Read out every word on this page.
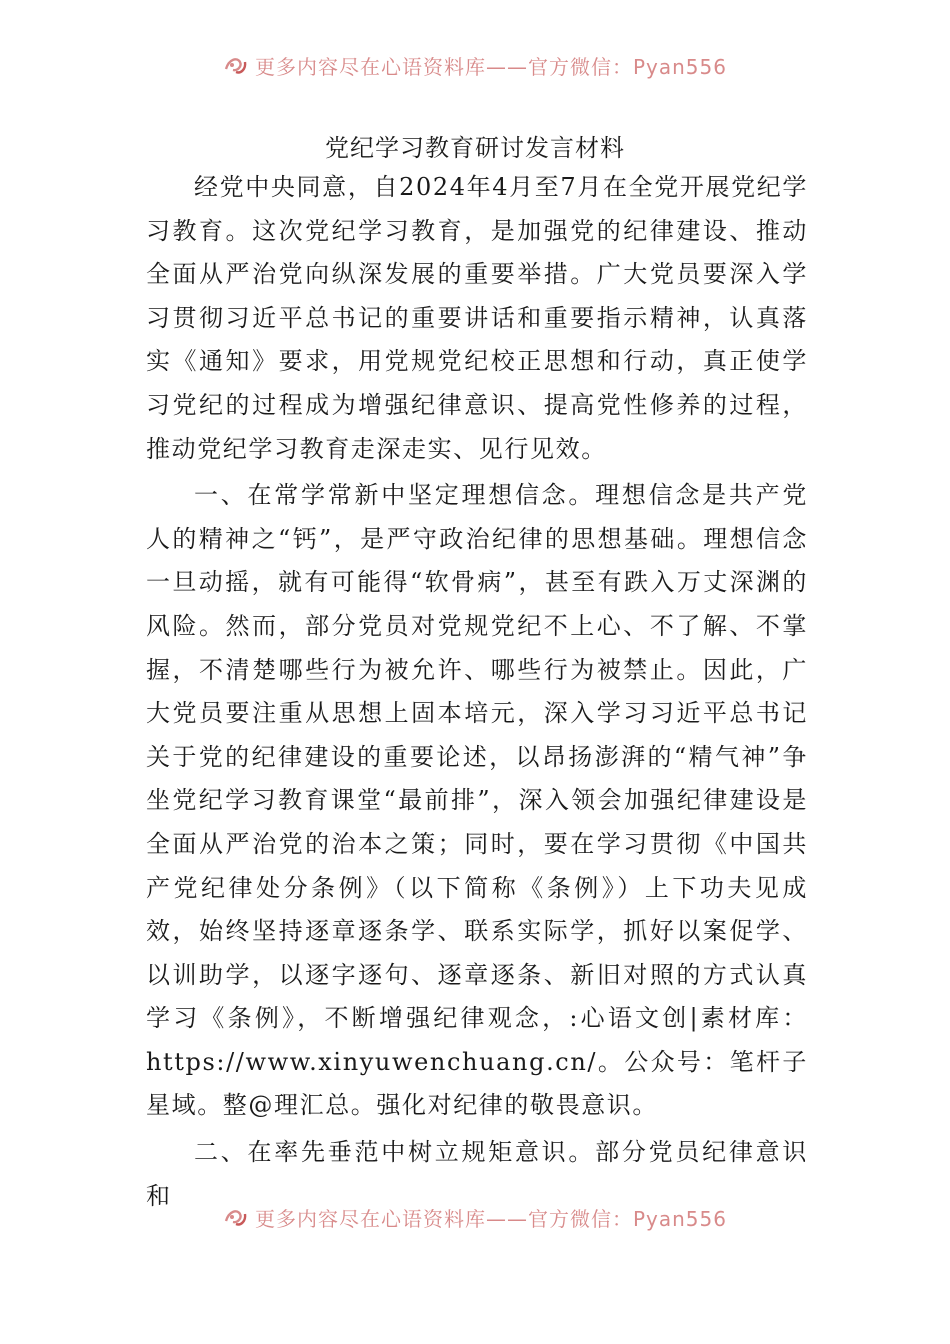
更多内容尽在心语资料库——官方微信：Pyan556
党纪学习教育研讨发言材料

经党中央同意，自2024年4月至7月在全党开展党纪学习教育。这次党纪学习教育，是加强党的纪律建设、推动全面从严治党向纵深发展的重要举措。广大党员要深入学习贯彻习近平总书记的重要讲话和重要指示精神，认真落实《通知》要求，用党规党纪校正思想和行动，真正使学习党纪的过程成为增强纪律意识、提高党性修养的过程，推动党纪学习教育走深走实、见行见效。

一、在常学常新中坚定理想信念。理想信念是共产党人的精神之“钙”，是严守政治纪律的思想基础。理想信念一旦动摇，就有可能得“软骨病”，甚至有跌入万丈深渊的风险。然而，部分党员对党规党纪不上心、不了解、不掌握，不清楚哪些行为被允许、哪些行为被禁止。因此，广大党员要注重从思想上固本培元，深入学习习近平总书记关于党的纪律建设的重要论述，以昂扬澎湃的“精气神”争坐党纪学习教育课堂“最前排”，深入领会加强纪律建设是全面从严治党的治本之策；同时，要在学习贯彻《中国共产党纪律处分条例》（以下简称《条例》）上下功夫见成效，始终坚持逐章逐条学、联系实际学，抓好以案促学、以训助学，以逐字逐句、逐章逐条、新旧对照的方式认真学习《条例》，不断增强纪律观念，:心语文创|素材库：https://www.xinyuwenchuang.cn/。公众号：笔杆子星域。整@理汇总。强化对纪律的敬畏意识。

二、在率先垂范中树立规矩意识。部分党员纪律意识和

更多内容尽在心语资料库——官方微信：Pyan556
